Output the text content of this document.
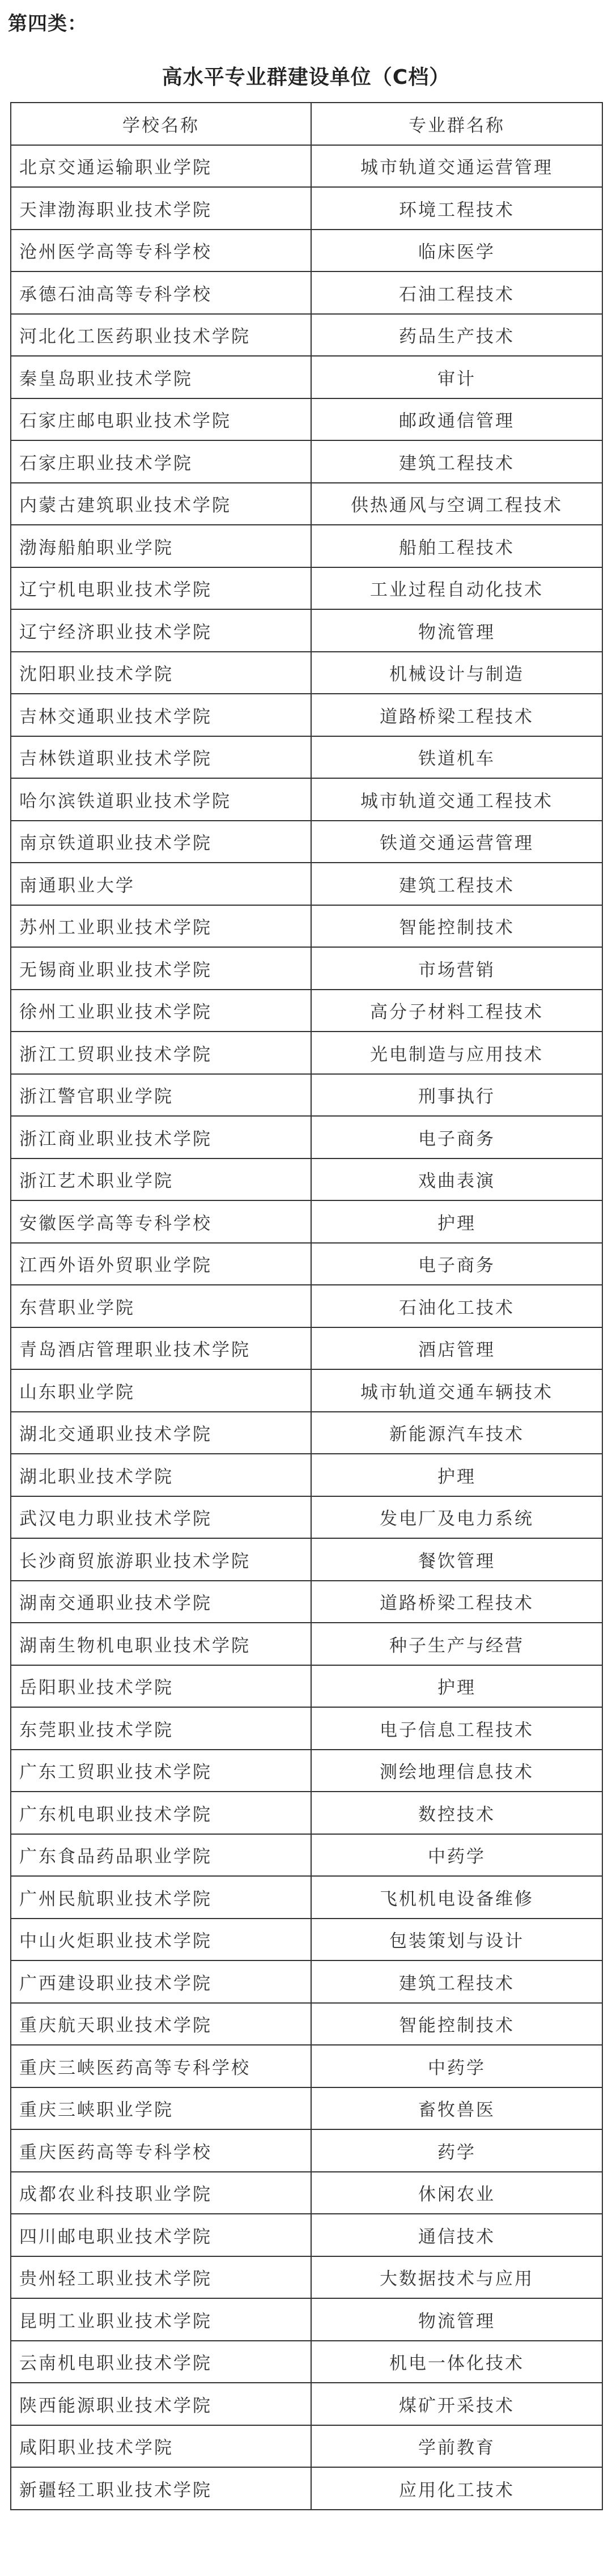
第四类：
高水平专业群建设单位（C档）
学校名称	专业群名称
北京交通运输职业学院	城市轨道交通运营管理
天津渤海职业技术学院	环境工程技术
沧州医学高等专科学校	临床医学
承德石油高等专科学校	石油工程技术
河北化工医药职业技术学院	药品生产技术
秦皇岛职业技术学院	审计
石家庄邮电职业技术学院	邮政通信管理
石家庄职业技术学院	建筑工程技术
内蒙古建筑职业技术学院	供热通风与空调工程技术
渤海船舶职业学院	船舶工程技术
辽宁机电职业技术学院	工业过程自动化技术
辽宁经济职业技术学院	物流管理
沈阳职业技术学院	机械设计与制造
吉林交通职业技术学院	道路桥梁工程技术
吉林铁道职业技术学院	铁道机车
哈尔滨铁道职业技术学院	城市轨道交通工程技术
南京铁道职业技术学院	铁道交通运营管理
南通职业大学	建筑工程技术
苏州工业职业技术学院	智能控制技术
无锡商业职业技术学院	市场营销
徐州工业职业技术学院	高分子材料工程技术
浙江工贸职业技术学院	光电制造与应用技术
浙江警官职业学院	刑事执行
浙江商业职业技术学院	电子商务
浙江艺术职业学院	戏曲表演
安徽医学高等专科学校	护理
江西外语外贸职业学院	电子商务
东营职业学院	石油化工技术
青岛酒店管理职业技术学院	酒店管理
山东职业学院	城市轨道交通车辆技术
湖北交通职业技术学院	新能源汽车技术
湖北职业技术学院	护理
武汉电力职业技术学院	发电厂及电力系统
长沙商贸旅游职业技术学院	餐饮管理
湖南交通职业技术学院	道路桥梁工程技术
湖南生物机电职业技术学院	种子生产与经营
岳阳职业技术学院	护理
东莞职业技术学院	电子信息工程技术
广东工贸职业技术学院	测绘地理信息技术
广东机电职业技术学院	数控技术
广东食品药品职业学院	中药学
广州民航职业技术学院	飞机机电设备维修
中山火炬职业技术学院	包装策划与设计
广西建设职业技术学院	建筑工程技术
重庆航天职业技术学院	智能控制技术
重庆三峡医药高等专科学校	中药学
重庆三峡职业学院	畜牧兽医
重庆医药高等专科学校	药学
成都农业科技职业学院	休闲农业
四川邮电职业技术学院	通信技术
贵州轻工职业技术学院	大数据技术与应用
昆明工业职业技术学院	物流管理
云南机电职业技术学院	机电一体化技术
陕西能源职业技术学院	煤矿开采技术
咸阳职业技术学院	学前教育
新疆轻工职业技术学院	应用化工技术
